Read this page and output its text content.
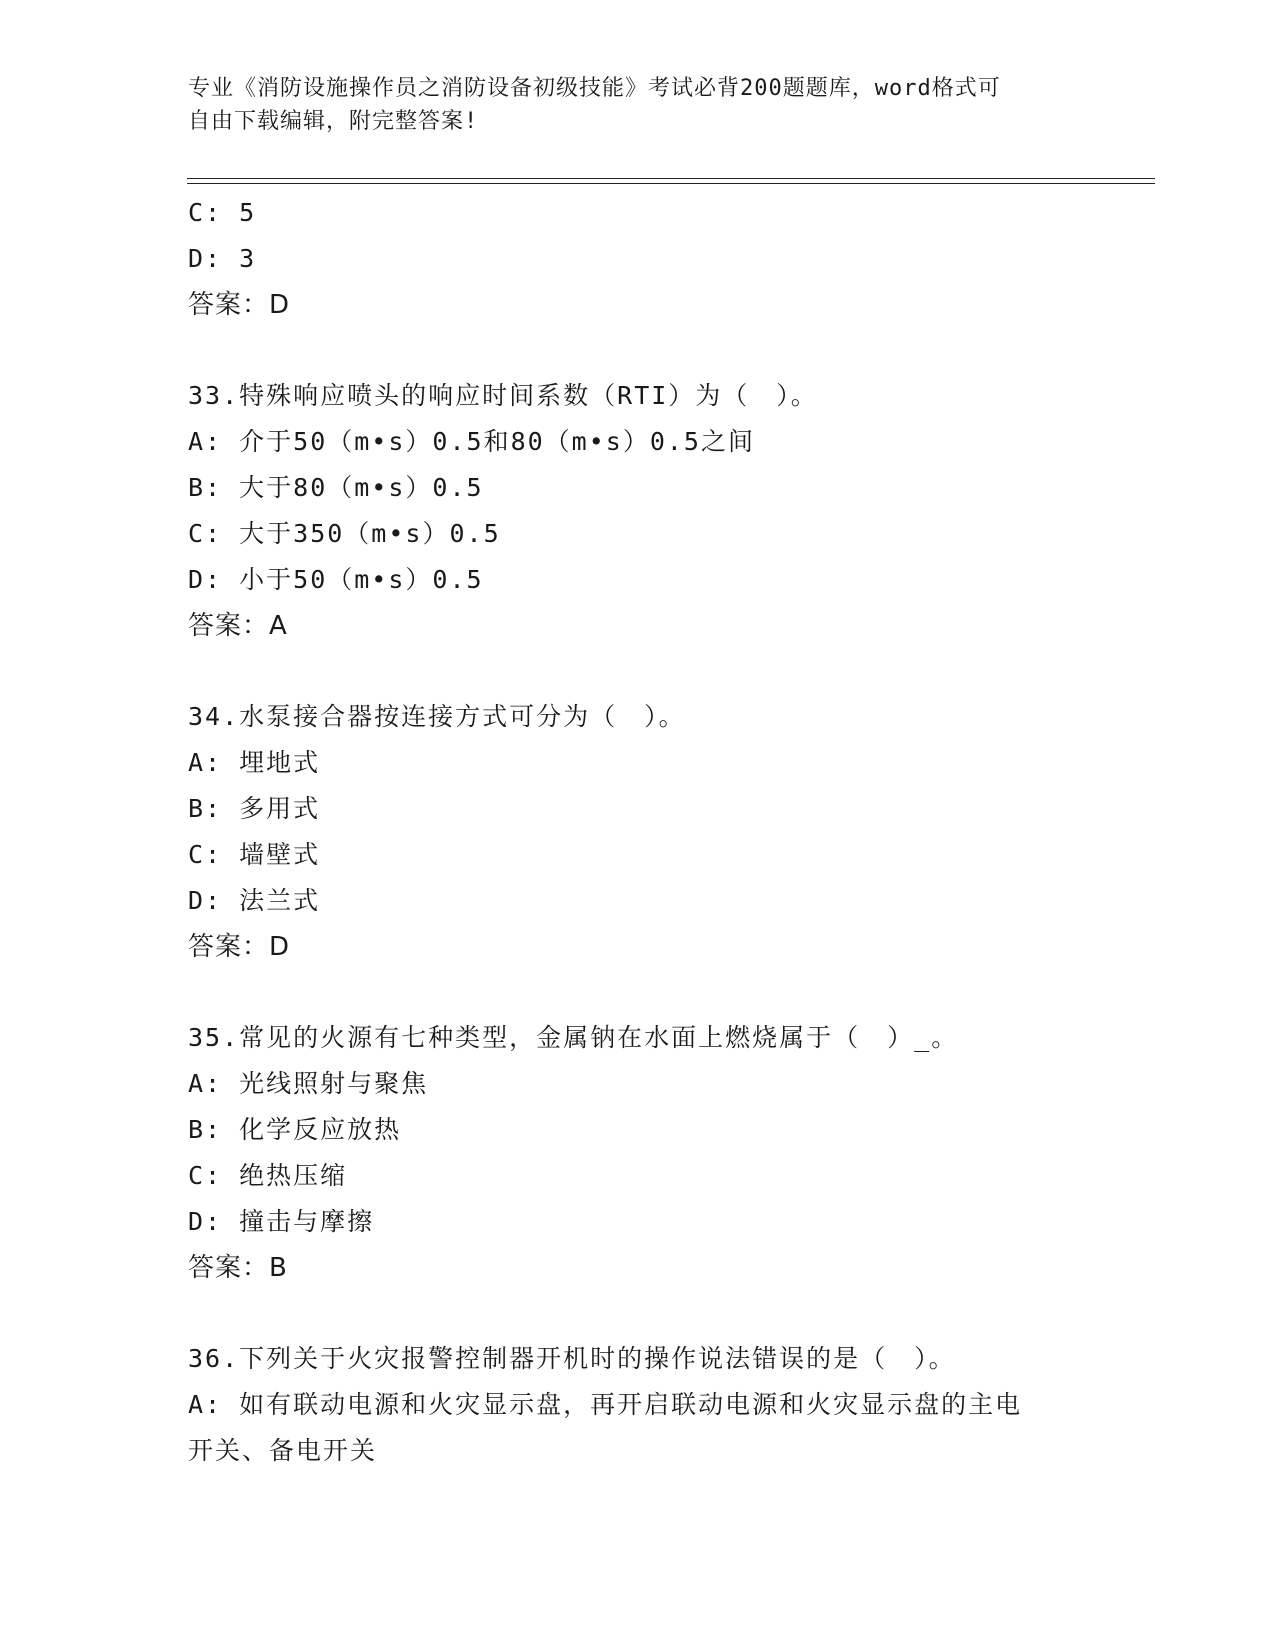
专业《消防设施操作员之消防设备初级技能》考试必背200题题库，word格式可
自由下载编辑，附完整答案!
C: 5
D: 3
答案：D
33.特殊响应喷头的响应时间系数（RTI）为（　）。
A: 介于50（m•s）0.5和80（m•s）0.5之间
B: 大于80（m•s）0.5
C: 大于350（m•s）0.5
D: 小于50（m•s）0.5
答案：A
34.水泵接合器按连接方式可分为（　）。
A: 埋地式
B: 多用式
C: 墙壁式
D: 法兰式
答案：D
35.常见的火源有七种类型，金属钠在水面上燃烧属于（　）_。
A: 光线照射与聚焦
B: 化学反应放热
C: 绝热压缩
D: 撞击与摩擦
答案：B
36.下列关于火灾报警控制器开机时的操作说法错误的是（　）。
A: 如有联动电源和火灾显示盘，再开启联动电源和火灾显示盘的主电
开关、备电开关
